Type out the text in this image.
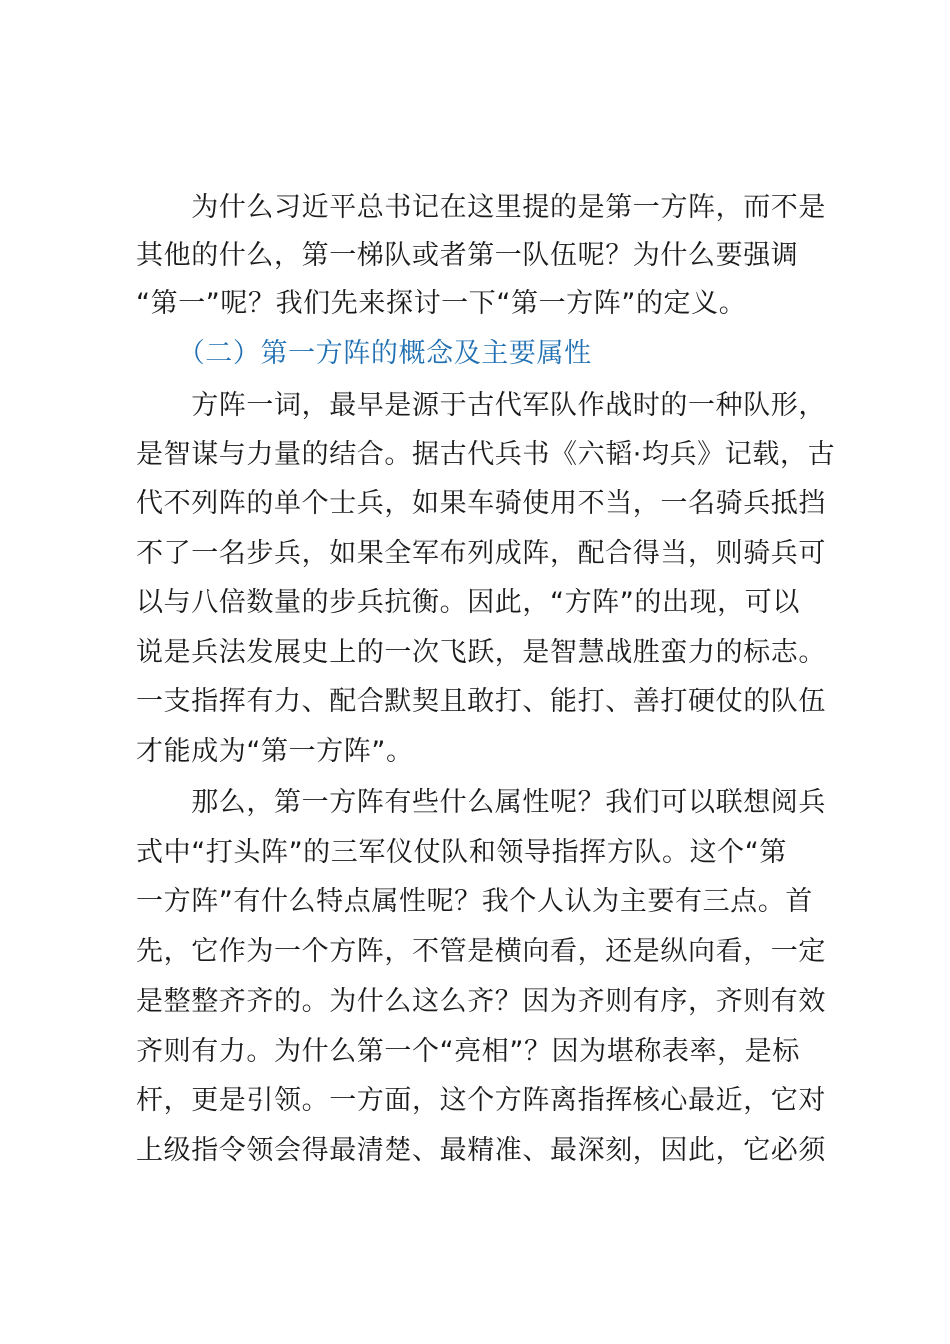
　　为什么习近平总书记在这里提的是第一方阵，而不是
其他的什么，第一梯队或者第一队伍呢？为什么要强调
“第一”呢？我们先来探讨一下“第一方阵”的定义。
　　（二）第一方阵的概念及主要属性
　　方阵一词，最早是源于古代军队作战时的一种队形，
是智谋与力量的结合。据古代兵书《六韬·均兵》记载，古
代不列阵的单个士兵，如果车骑使用不当，一名骑兵抵挡
不了一名步兵，如果全军布列成阵，配合得当，则骑兵可
以与八倍数量的步兵抗衡。因此，“方阵”的出现，可以
说是兵法发展史上的一次飞跃，是智慧战胜蛮力的标志。
一支指挥有力、配合默契且敢打、能打、善打硬仗的队伍
才能成为“第一方阵”。
　　那么，第一方阵有些什么属性呢？我们可以联想阅兵
式中“打头阵”的三军仪仗队和领导指挥方队。这个“第
一方阵”有什么特点属性呢？我个人认为主要有三点。首
先，它作为一个方阵，不管是横向看，还是纵向看，一定
是整整齐齐的。为什么这么齐？因为齐则有序，齐则有效
齐则有力。为什么第一个“亮相”？因为堪称表率，是标
杆，更是引领。一方面，这个方阵离指挥核心最近，它对
上级指令领会得最清楚、最精准、最深刻，因此，它必须
